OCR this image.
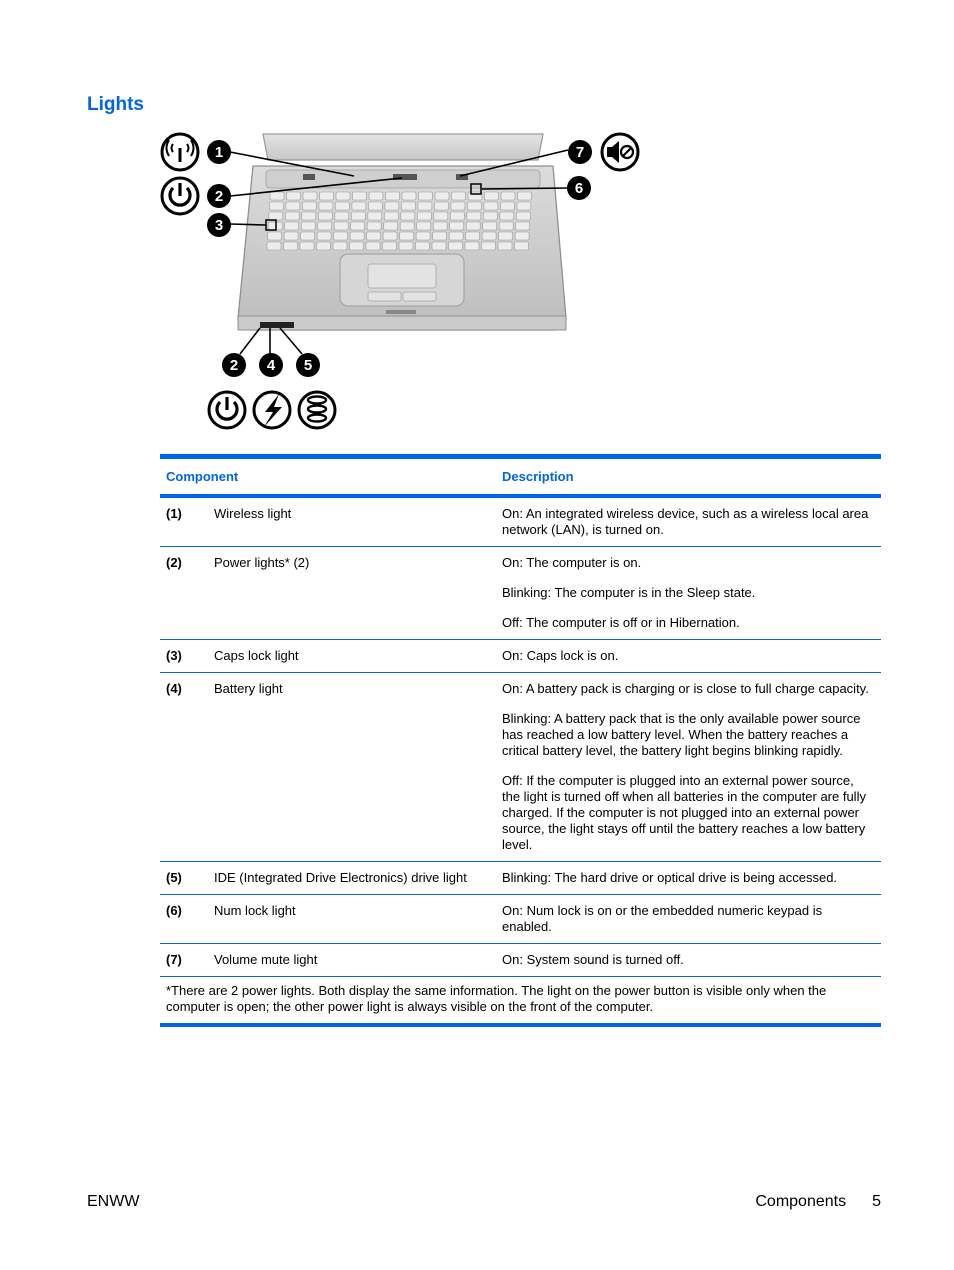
Lights
1
2
3
7
6
2 4 5
Component		Description
(1)	Wireless light	On: An integrated wireless device, such as a wireless local area network (LAN), is turned on.

(2)	Power lights* (2)	On: The computer is on.

Blinking: The computer is in the Sleep state.

Off: The computer is off or in Hibernation.

(3)	Caps lock light	On: Caps lock is on.

(4)	Battery light	On: A battery pack is charging or is close to full charge capacity.

Blinking: A battery pack that is the only available power source has reached a low battery level. When the battery reaches a critical battery level, the battery light begins blinking rapidly.

Off: If the computer is plugged into an external power source, the light is turned off when all batteries in the computer are fully charged. If the computer is not plugged into an external power source, the light stays off until the battery reaches a low battery level.

(5)	IDE (Integrated Drive Electronics) drive light	Blinking: The hard drive or optical drive is being accessed.

(6)	Num lock light	On: Num lock is on or the embedded numeric keypad is enabled.

(7)	Volume mute light	On: System sound is turned off.

*There are 2 power lights. Both display the same information. The light on the power button is visible only when the computer is open; the other power light is always visible on the front of the computer.		
ENWW	Components 5
